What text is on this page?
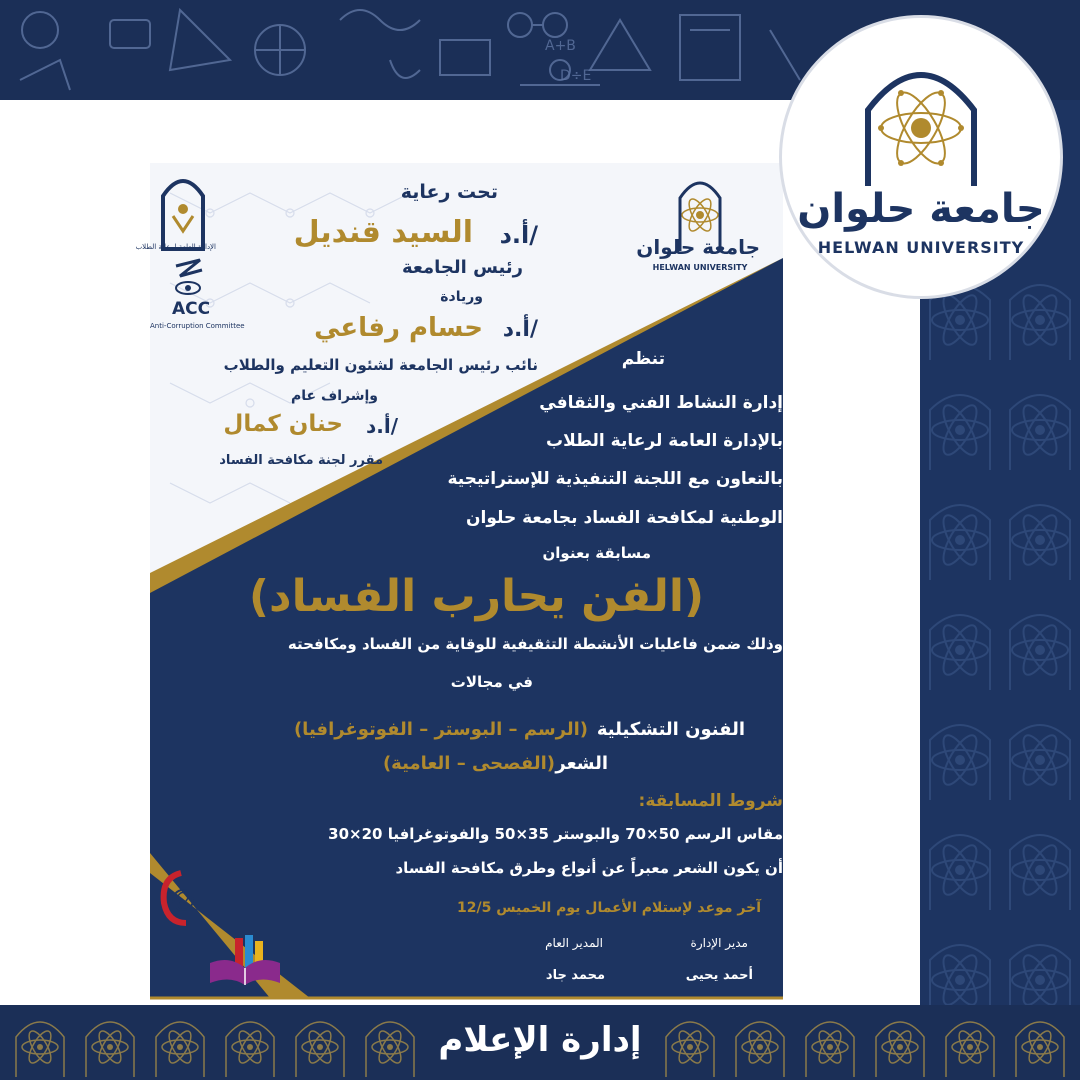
A+B
D÷E
الإدارة العامة لرعاية الطلاب
ACC
Anti-Corruption Committee
جامعة حلوان
HELWAN UNIVERSITY
تحت رعاية
أ.د/
السيد قنديل
رئيس الجامعة
وريادة
أ.د/
حسام رفاعي
نائب رئيس الجامعة لشئون التعليم والطلاب
وإشراف عام
أ.د/
حنان كمال
مقرر لجنة مكافحة الفساد
تنظم
إدارة النشاط الفني والثقافي
بالإدارة العامة لرعاية الطلاب
بالتعاون مع اللجنة التنفيذية للإستراتيجية
الوطنية لمكافحة الفساد بجامعة حلوان
مسابقة بعنوان
(الفن يحارب الفساد)
وذلك ضمن فاعليات الأنشطة التثقيفية للوقاية من الفساد ومكافحته
في مجالات
الفنون التشكيلية
(الرسم – البوستر – الفوتوغرافيا)
الشعر
(الفصحى – العامية)
شروط المسابقة:
مقاس الرسم 50×70 والبوستر 35×50 والفوتوغرافيا 20×30
أن يكون الشعر معبراً عن أنواع وطرق مكافحة الفساد
آخر موعد لإستلام الأعمال يوم الخميس 12/5
مدير الإدارة
المدير العام
أحمد يحيى
محمد جاد
جامعة حلوان
HELWAN UNIVERSITY
إدارة الإعلام
